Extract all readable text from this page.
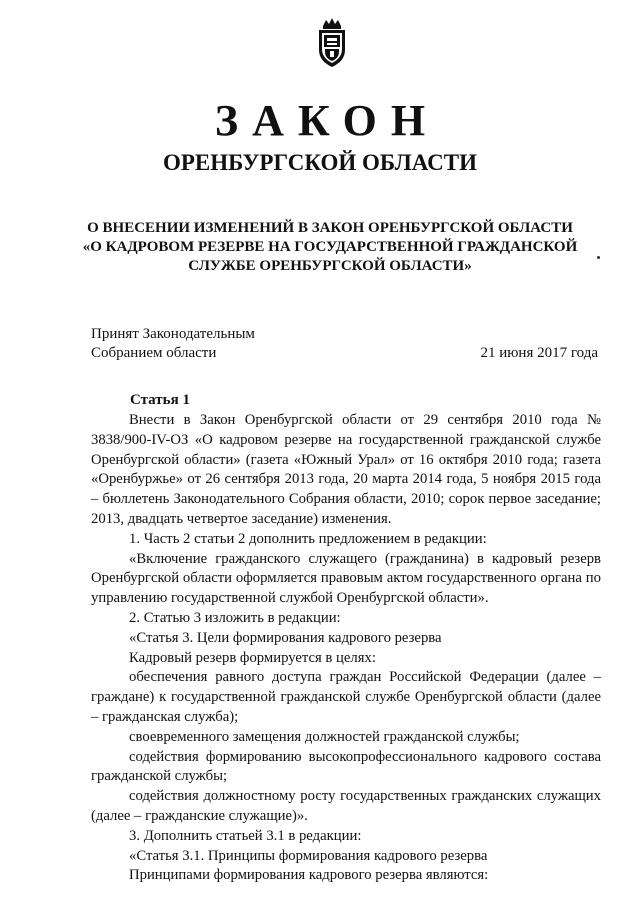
ЗАКОН
ОРЕНБУРГСКОЙ ОБЛАСТИ
О ВНЕСЕНИИ ИЗМЕНЕНИЙ В ЗАКОН ОРЕНБУРГСКОЙ ОБЛАСТИ
«О КАДРОВОМ РЕЗЕРВЕ НА ГОСУДАРСТВЕННОЙ ГРАЖДАНСКОЙ
СЛУЖБЕ ОРЕНБУРГСКОЙ ОБЛАСТИ»
Принят Законодательным
Собранием области	21 июня 2017 года
Статья 1

Внести в Закон Оренбургской области от 29 сентября 2010 года № 3838/900-IV-ОЗ «О кадровом резерве на государственной гражданской службе Оренбургской области» (газета «Южный Урал» от 16 октября 2010 года; газета «Оренбуржье» от 26 сентября 2013 года, 20 марта 2014 года, 5 ноября 2015 года – бюллетень Законодательного Собрания области, 2010; сорок первое заседание; 2013, двадцать четвертое заседание) изменения.

1. Часть 2 статьи 2 дополнить предложением в редакции:

«Включение гражданского служащего (гражданина) в кадровый резерв Оренбургской области оформляется правовым актом государственного органа по управлению государственной службой Оренбургской области».

2. Статью 3 изложить в редакции:

«Статья 3. Цели формирования кадрового резерва

Кадровый резерв формируется в целях:

обеспечения равного доступа граждан Российской Федерации (далее – граждане) к государственной гражданской службе Оренбургской области (далее – гражданская служба);

своевременного замещения должностей гражданской службы;

содействия формированию высокопрофессионального кадрового состава гражданской службы;

содействия должностному росту государственных гражданских служащих (далее – гражданские служащие)».

3. Дополнить статьей 3.1 в редакции:

«Статья 3.1. Принципы формирования кадрового резерва

Принципами формирования кадрового резерва являются:
